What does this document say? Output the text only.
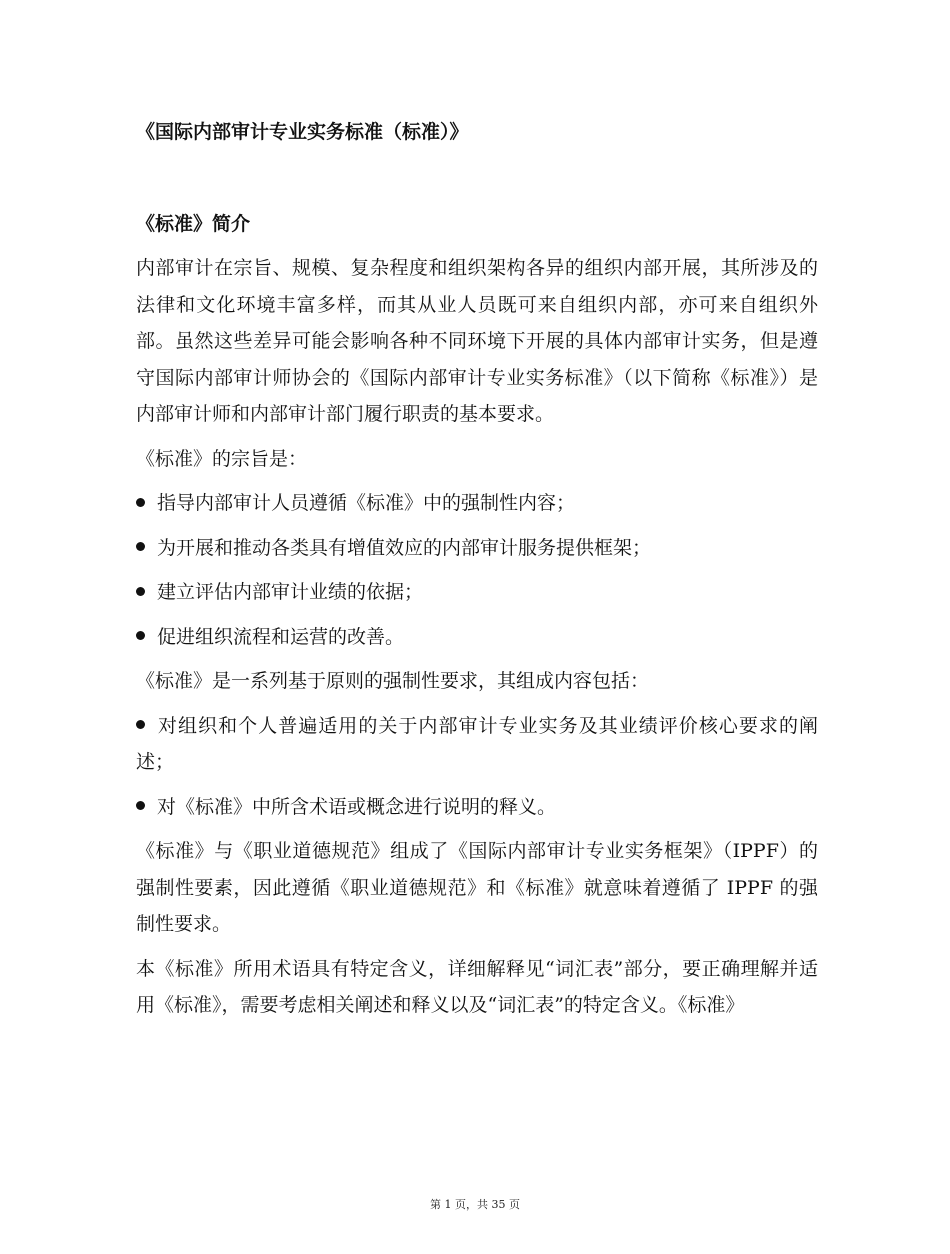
《国际内部审计专业实务标准（标准）》
《标准》简介

内部审计在宗旨、规模、复杂程度和组织架构各异的组织内部开展，其所涉及的法律和文化环境丰富多样，而其从业人员既可来自组织内部，亦可来自组织外部。虽然这些差异可能会影响各种不同环境下开展的具体内部审计实务，但是遵守国际内部审计师协会的《国际内部审计专业实务标准》（以下简称《标准》）是内部审计师和内部审计部门履行职责的基本要求。

《标准》的宗旨是：

指导内部审计人员遵循《标准》中的强制性内容；

为开展和推动各类具有增值效应的内部审计服务提供框架；

建立评估内部审计业绩的依据；

促进组织流程和运营的改善。

《标准》是一系列基于原则的强制性要求，其组成内容包括：

对组织和个人普遍适用的关于内部审计专业实务及其业绩评价核心要求的阐述；

对《标准》中所含术语或概念进行说明的释义。

《标准》与《职业道德规范》组成了《国际内部审计专业实务框架》（IPPF）的强制性要素，因此遵循《职业道德规范》和《标准》就意味着遵循了 IPPF 的强制性要求。

本《标准》所用术语具有特定含义，详细解释见“词汇表”部分，要正确理解并适用《标准》，需要考虑相关阐述和释义以及“词汇表”的特定含义。《标准》

第 1 页，共 35 页
